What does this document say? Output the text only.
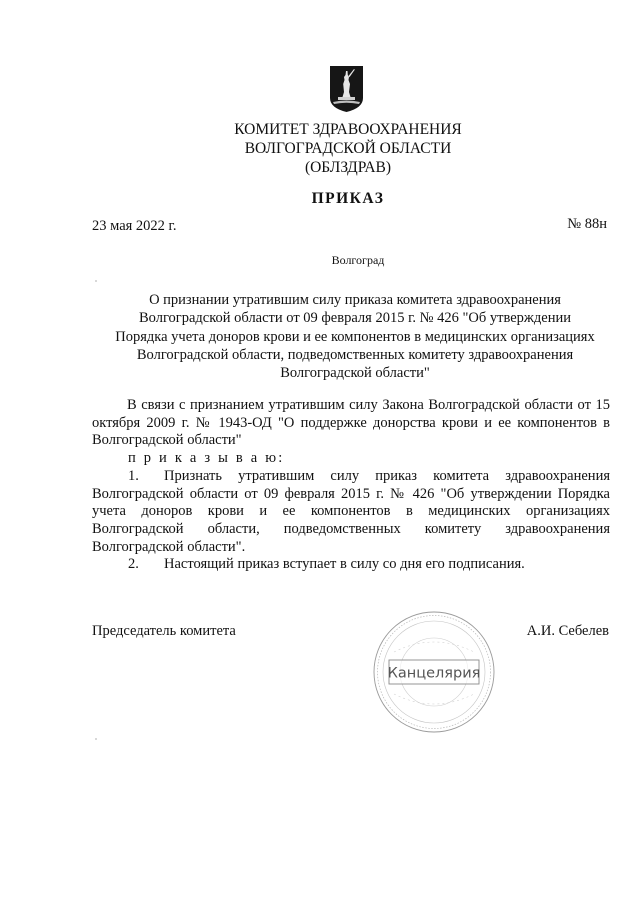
КОМИТЕТ ЗДРАВООХРАНЕНИЯ
ВОЛГОГРАДСКОЙ ОБЛАСТИ
(ОБЛЗДРАВ)
ПРИКАЗ
23 мая 2022 г.	№ 88н
Волгоград
О признании утратившим силу приказа комитета здравоохранения
Волгоградской области от 09 февраля 2015 г. № 426 "Об утверждении
Порядка учета доноров крови и ее компонентов в медицинских организациях
Волгоградской области, подведомственных комитету здравоохранения
Волгоградской области"

В связи с признанием утратившим силу Закона Волгоградской области от 15 октября 2009 г. № 1943-ОД "О поддержке донорства крови и ее компонентов в Волгоградской области"

п р и к а з ы в а ю:

1. Признать утратившим силу приказ комитета здравоохранения Волгоградской области от 09 февраля 2015 г. № 426 "Об утверждении Порядка учета доноров крови и ее компонентов в медицинских организациях Волгоградской области, подведомственных комитету здравоохранения Волгоградской области".

2. Настоящий приказ вступает в силу со дня его подписания.

Председатель комитета	А.И. Себелев
Канцелярия
